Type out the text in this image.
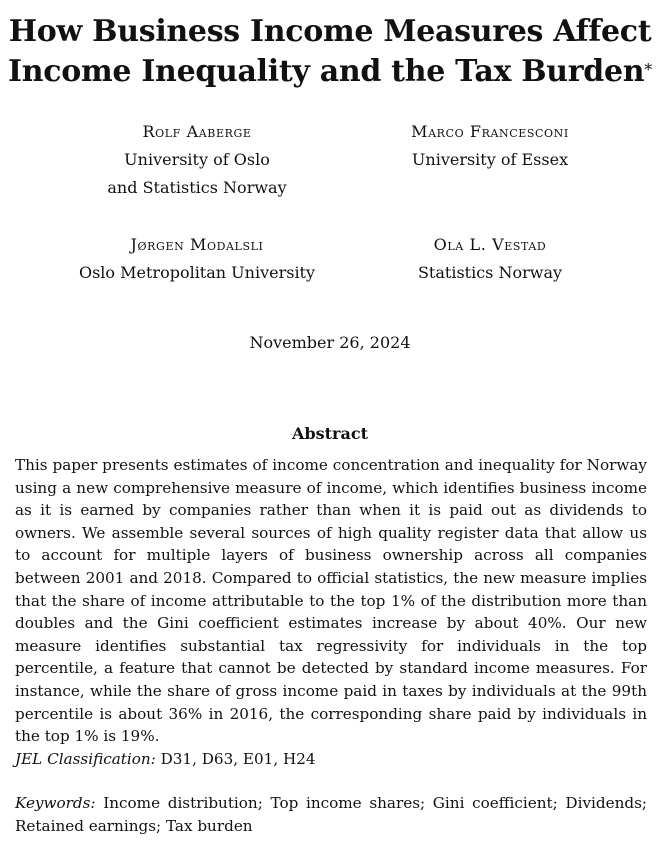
How Business Income Measures Affect
Income Inequality and the Tax Burden*
Rolf Aaberge
University of Oslo
and Statistics Norway
Marco Francesconi
University of Essex
Jørgen Modalsli
Oslo Metropolitan University
Ola L. Vestad
Statistics Norway
November 26, 2024
Abstract
This paper presents estimates of income concentration and inequality for Norway using a new comprehensive measure of income, which identifies business income as it is earned by companies rather than when it is paid out as dividends to owners. We assemble several sources of high quality register data that allow us to account for multiple layers of business ownership across all companies between 2001 and 2018. Compared to official statistics, the new measure implies that the share of income attributable to the top 1% of the distribution more than doubles and the Gini coefficient estimates increase by about 40%. Our new measure identifies substantial tax regressivity for individuals in the top percentile, a feature that cannot be detected by standard income measures. For instance, while the share of gross income paid in taxes by individuals at the 99th percentile is about 36% in 2016, the corresponding share paid by individuals in the top 1% is 19%.
JEL Classification: D31, D63, E01, H24
Keywords: Income distribution; Top income shares; Gini coefficient; Dividends; Retained earnings; Tax burden
